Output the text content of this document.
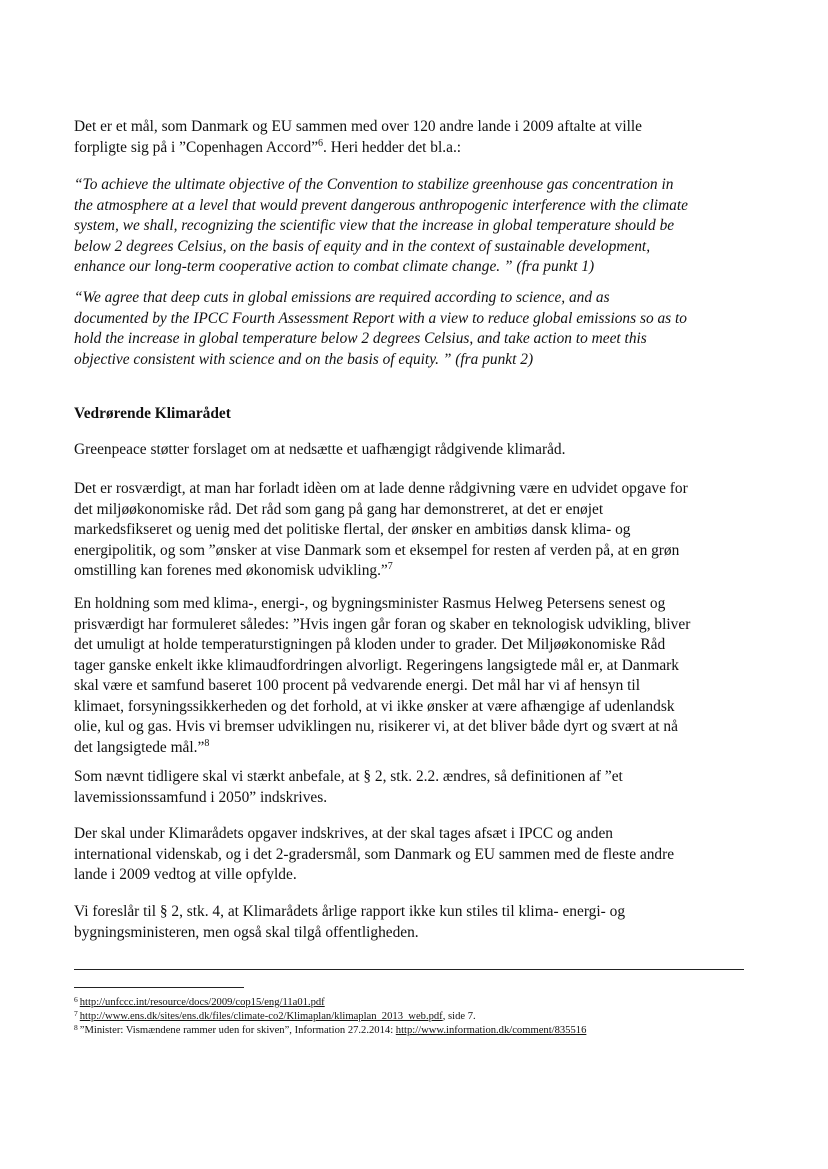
Det er et mål, som Danmark og EU sammen med over 120 andre lande i 2009 aftalte at ville

forpligte sig på i ”Copenhagen Accord”$^6$. Heri hedder det bl.a.:

“To achieve the ultimate objective of the Convention to stabilize greenhouse gas concentration in

the atmosphere at a level that would prevent dangerous anthropogenic interference with the climate

system, we shall, recognizing the scientific view that the increase in global temperature should be

below 2 degrees Celsius, on the basis of equity and in the context of sustainable development,

enhance our long-term cooperative action to combat climate change. ” (fra punkt 1)

“We agree that deep cuts in global emissions are required according to science, and as

documented by the IPCC Fourth Assessment Report with a view to reduce global emissions so as to

hold the increase in global temperature below 2 degrees Celsius, and take action to meet this

objective consistent with science and on the basis of equity. ” (fra punkt 2)

Vedrørende Klimarådet

Greenpeace støtter forslaget om at nedsætte et uafhængigt rådgivende klimaråd.

Det er rosværdigt, at man har forladt idèen om at lade denne rådgivning være en udvidet opgave for

det miljøøkonomiske råd. Det råd som gang på gang har demonstreret, at det er enøjet

markedsfikseret og uenig med det politiske flertal, der ønsker en ambitiøs dansk klima- og

energipolitik, og som ”ønsker at vise Danmark som et eksempel for resten af verden på, at en grøn

omstilling kan forenes med økonomisk udvikling.”$^7$

En holdning som med klima-, energi-, og bygningsminister Rasmus Helweg Petersens senest og

prisværdigt har formuleret således: ”Hvis ingen går foran og skaber en teknologisk udvikling, bliver

det umuligt at holde temperaturstigningen på kloden under to grader. Det Miljøøkonomiske Råd

tager ganske enkelt ikke klimaudfordringen alvorligt. Regeringens langsigtede mål er, at Danmark

skal være et samfund baseret 100 procent på vedvarende energi. Det mål har vi af hensyn til

klimaet, forsyningssikkerheden og det forhold, at vi ikke ønsker at være afhængige af udenlandsk

olie, kul og gas. Hvis vi bremser udviklingen nu, risikerer vi, at det bliver både dyrt og svært at nå

det langsigtede mål.”$^8$

Som nævnt tidligere skal vi stærkt anbefale, at § 2, stk. 2.2. ændres, så definitionen af ”et

lavemissionssamfund i 2050” indskrives.

Der skal under Klimarådets opgaver indskrives, at der skal tages afsæt i IPCC og anden

international videnskab, og i det 2-gradersmål, som Danmark og EU sammen med de fleste andre

lande i 2009 vedtog at ville opfylde.

Vi foreslår til § 2, stk. 4, at Klimarådets årlige rapport ikke kun stiles til klima- energi- og

bygningsministeren, men også skal tilgå offentligheden.

$^6$ http://unfccc.int/resource/docs/2009/cop15/eng/11a01.pdf
$^7$ http://www.ens.dk/sites/ens.dk/files/climate-co2/Klimaplan/klimaplan_2013_web.pdf, side 7.
$^8$ ”Minister: Vismændene rammer uden for skiven”, Information 27.2.2014: http://www.information.dk/comment/835516
